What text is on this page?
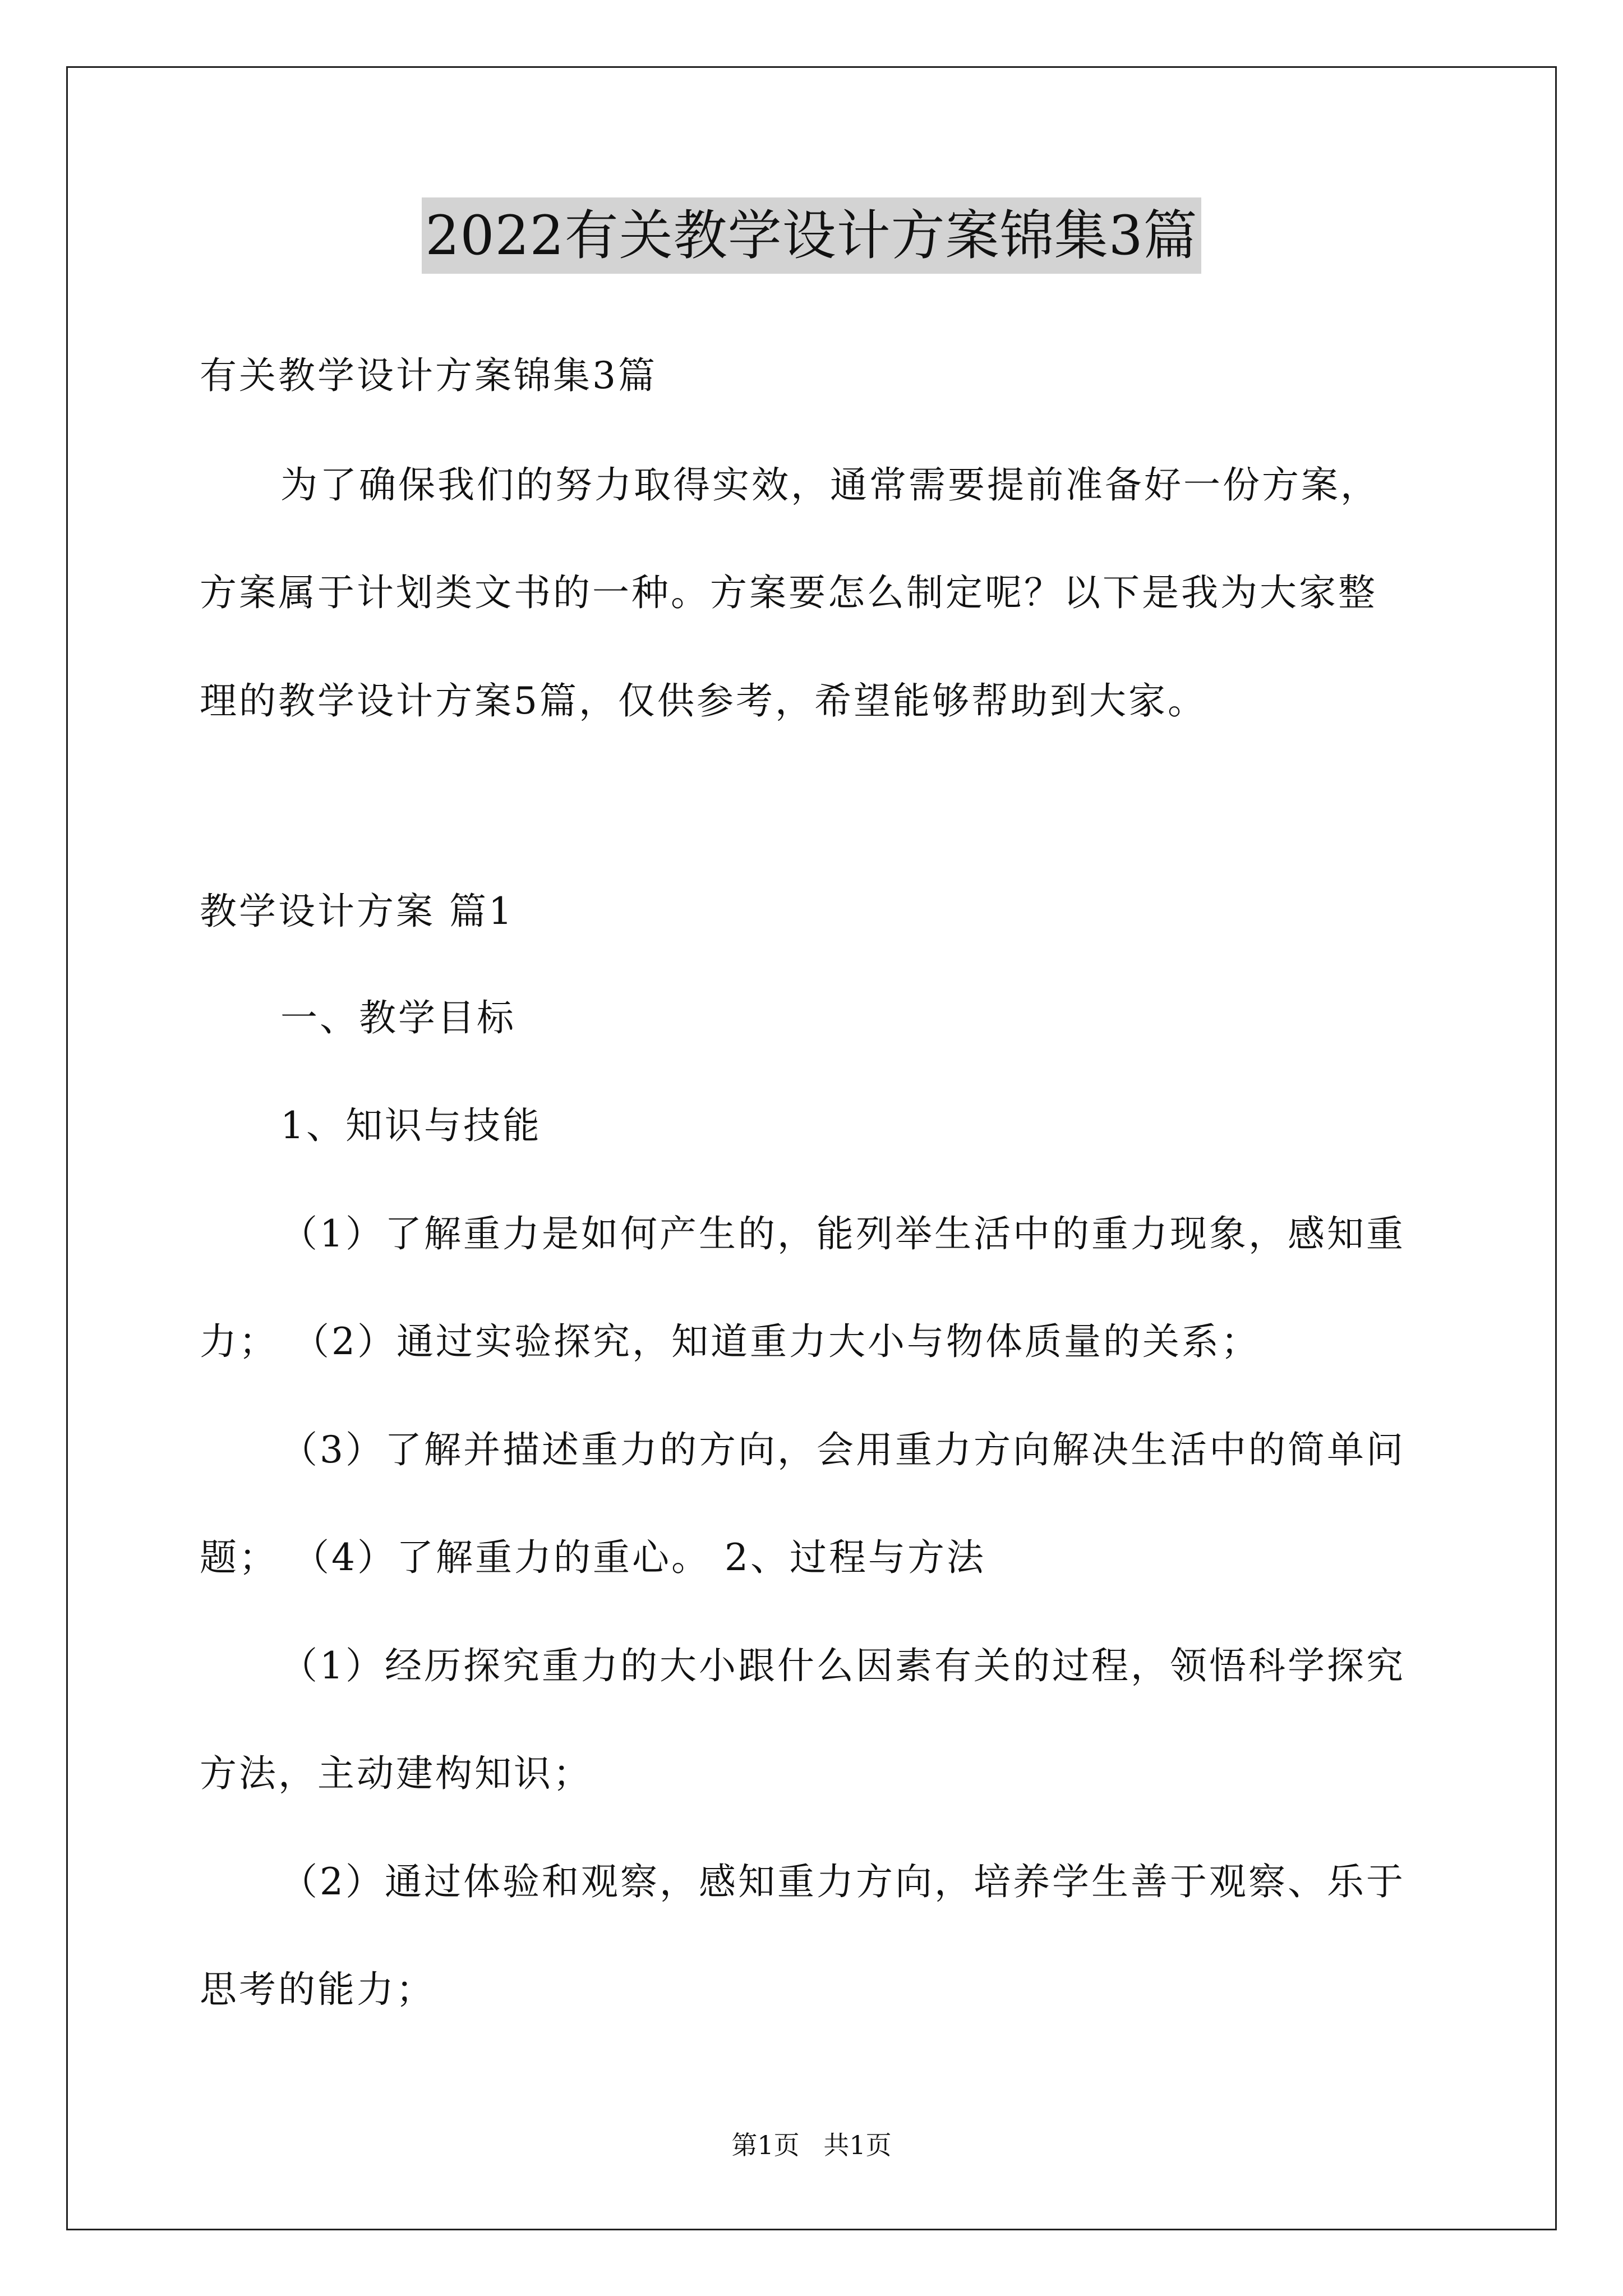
2022有关教学设计方案锦集3篇
有关教学设计方案锦集3篇
为了确保我们的努力取得实效，通常需要提前准备好一份方案，
方案属于计划类文书的一种。方案要怎么制定呢？以下是我为大家整
理的教学设计方案5篇，仅供参考，希望能够帮助到大家。
教学设计方案 篇1
一、教学目标
1、知识与技能
（1）了解重力是如何产生的，能列举生活中的重力现象，感知重
力； （2）通过实验探究，知道重力大小与物体质量的关系；
（3）了解并描述重力的方向，会用重力方向解决生活中的简单问
题； （4）了解重力的重心。 2、过程与方法
（1）经历探究重力的大小跟什么因素有关的过程，领悟科学探究
方法，主动建构知识；
（2）通过体验和观察，感知重力方向，培养学生善于观察、乐于
思考的能力；
第1页 共1页
